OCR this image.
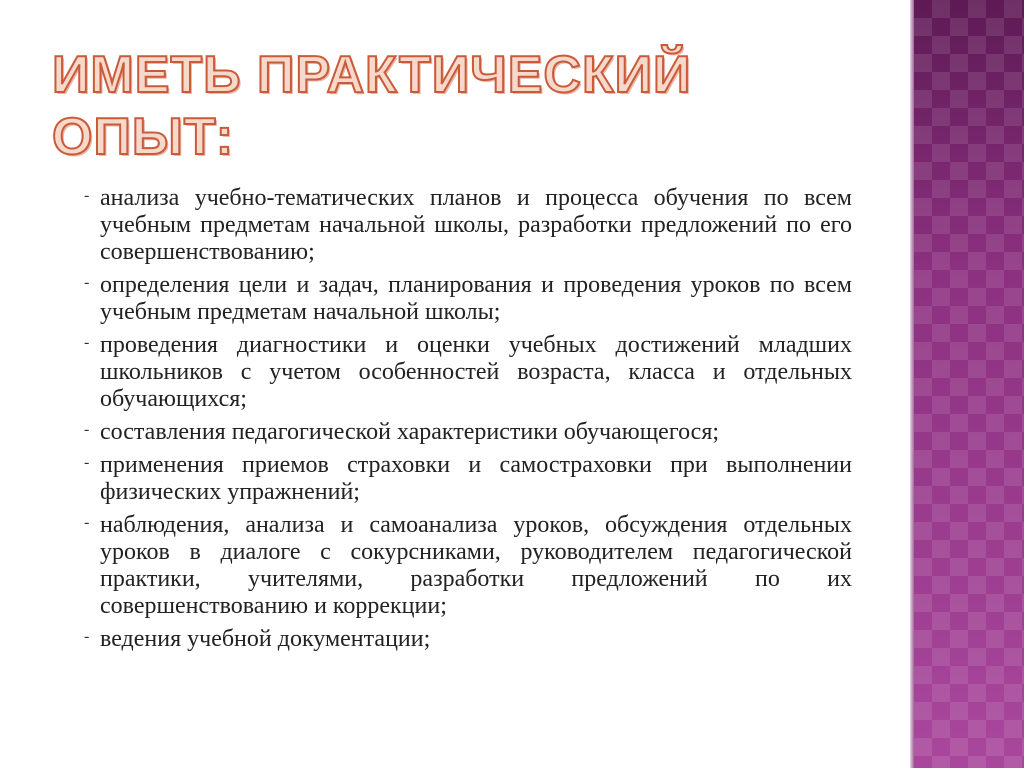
ИМЕТЬ ПРАКТИЧЕСКИЙ
ОПЫТ:
- анализа учебно-тематических планов и процесса обучения по всем учебным предметам начальной школы, разработки предложений по его совершенствованию;
- определения цели и задач, планирования и проведения уроков по всем учебным предметам начальной школы;
- проведения диагностики и оценки учебных достижений младших школьников с учетом особенностей возраста, класса и отдельных обучающихся;
- составления педагогической характеристики обучающегося;
- применения приемов страховки и самостраховки при выполнении физических упражнений;
- наблюдения, анализа и самоанализа уроков, обсуждения отдельных уроков в диалоге с сокурсниками, руководителем педагогической практики, учителями, разработки предложений по их совершенствованию и коррекции;
- ведения учебной документации;
